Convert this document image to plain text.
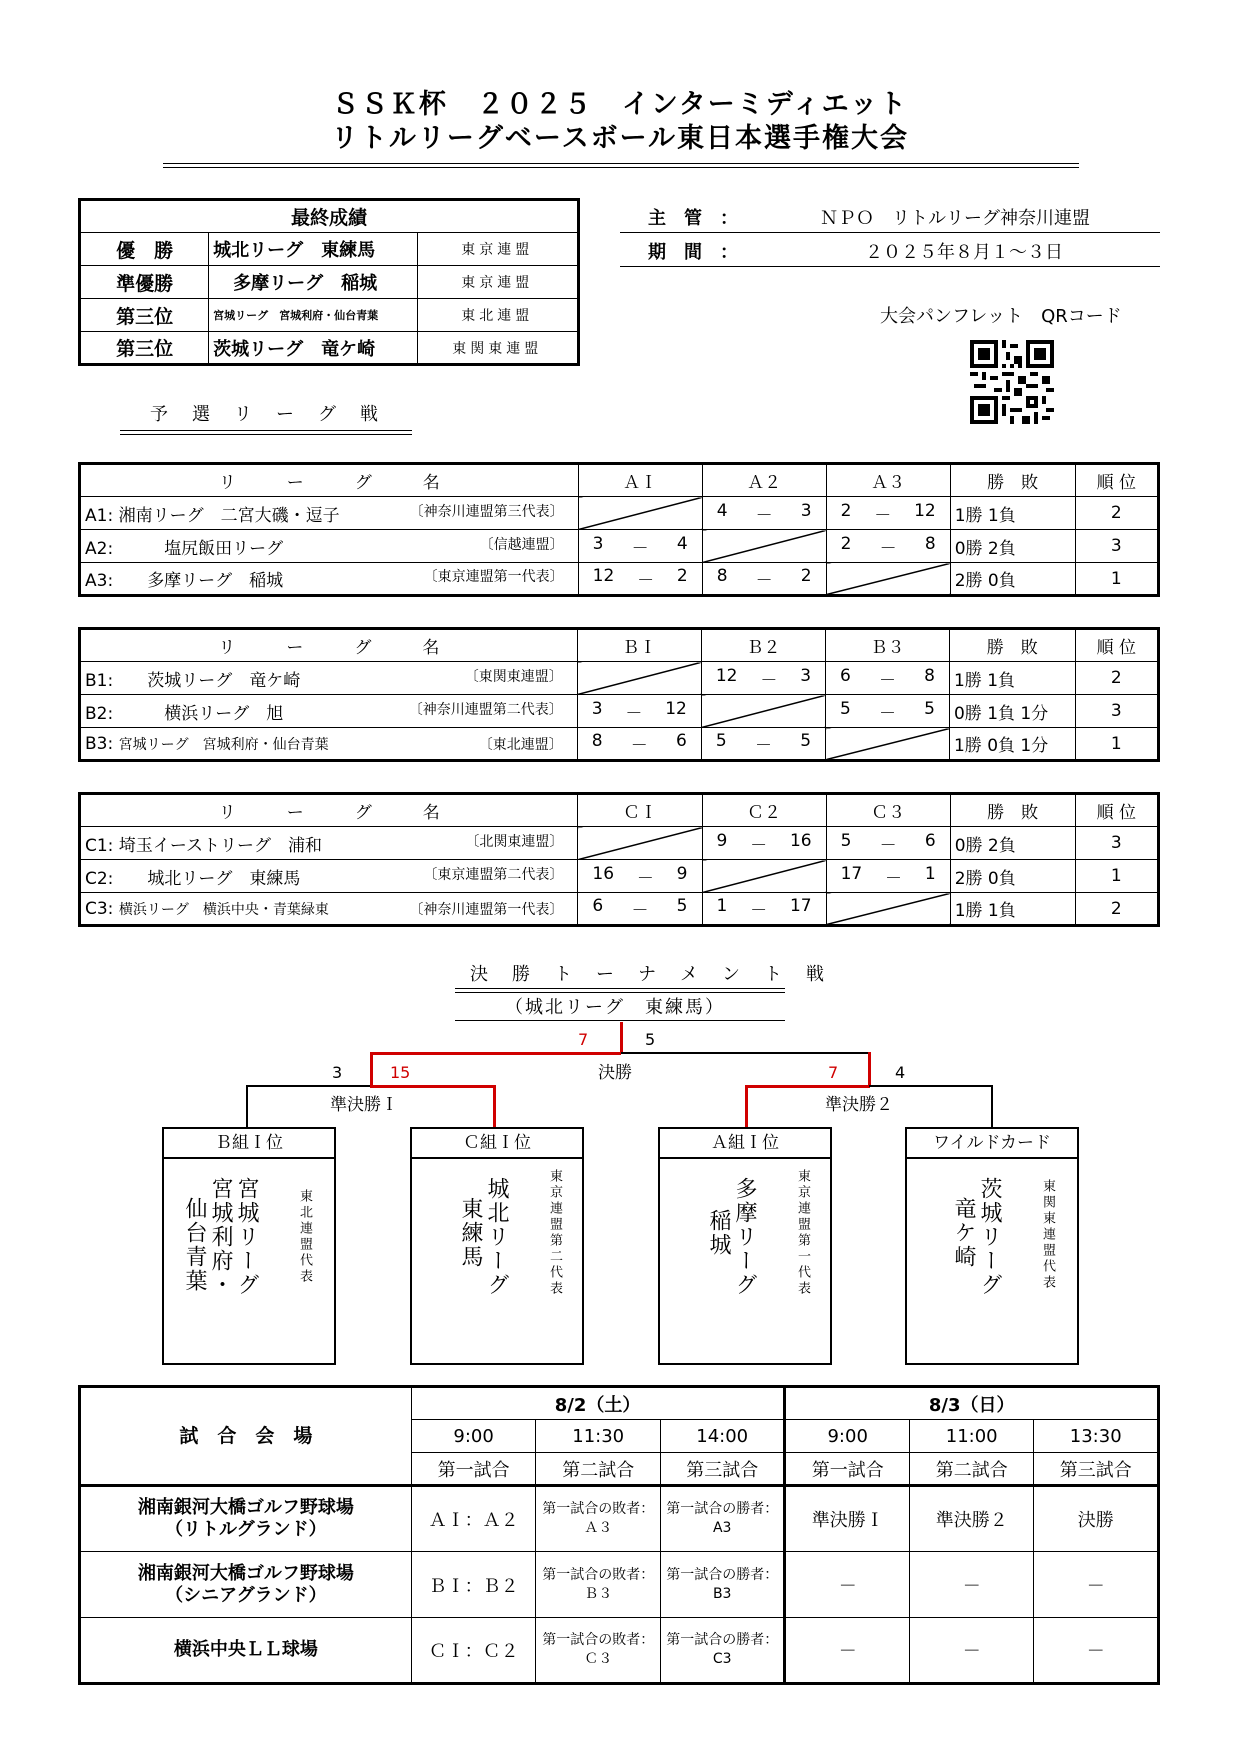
ＳＳＫ杯　２０２５　インターミディエット
リトルリーグベースボール東日本選手権大会
最終成績		
優　勝	城北リーグ　東練馬	東京連盟
準優勝	多摩リーグ　稲城	東京連盟
第三位	宮城リーグ　宮城利府・仙台青葉	東北連盟
第三位	茨城リーグ　竜ケ崎	東関東連盟
主　管　：	ＮＰＯ　リトルリーグ神奈川連盟
期　間　：	２０２５年８月１～３日
大会パンフレット　QRコード
予　選　リ　ー　グ　戦
リ　　　ー　　　グ　　　名	ＡＩ	Ａ２	Ａ３	勝　敗	順 位

A1: 湘南リーグ　二宮大磯・逗子 〔神奈川連盟第三代表〕		4 － 3	2 － 12	1勝 1負	2

A2:　　　 塩尻飯田リーグ 〔信越連盟〕	3 － 4		2 － 8	0勝 2負	3

A3:　　 多摩リーグ　稲城 〔東京連盟第一代表〕	12 － 2	8 － 2		2勝 0負	1
リ　　　ー　　　グ　　　名	ＢＩ	Ｂ２	Ｂ３	勝　敗	順 位

B1:　　 茨城リーグ　竜ケ崎 〔東関東連盟〕		12 － 3	6 － 8	1勝 1負	2

B2:　　　 横浜リーグ　旭 〔神奈川連盟第二代表〕	3 － 12		5 － 5	0勝 1負 1分	3

B3: 宮城リーグ　宮城利府・仙台青葉 〔東北連盟〕	8 － 6	5 － 5		1勝 0負 1分	1
リ　　　ー　　　グ　　　名	ＣＩ	Ｃ２	Ｃ３	勝　敗	順 位

C1: 埼玉イーストリーグ　浦和 〔北関東連盟〕		9 － 16	5 － 6	0勝 2負	3

C2:　　 城北リーグ　東練馬 〔東京連盟第二代表〕	16 － 9		17 － 1	2勝 0負	1

C3: 横浜リーグ　横浜中央・青葉緑東 〔神奈川連盟第一代表〕	6 － 5	1 － 17		1勝 1負	2
決　勝　ト　ー　ナ　メ　ン　ト　戦
（城北リーグ　東練馬）
7	5
決勝
3	15
準決勝Ｉ
7	4
準決勝２
Ｂ組Ｉ位
宮城リーグ
宮城利府・
仙台青葉	東北連盟代表
Ｃ組Ｉ位
城北リーグ
東練馬	東京連盟第二代表
Ａ組Ｉ位
多摩リーグ
稲城	東京連盟第一代表
ワイルドカード
茨城リーグ
竜ケ崎	東関東連盟代表
試　合　会　場	8/2（土）			8/3（日）		
	9:00	11:30	14:00	9:00	11:00	13:30
	第一試合	第二試合	第三試合	第一試合	第二試合	第三試合

湘南銀河大橋ゴルフ野球場
（リトルグランド）	ＡＩ：Ａ２	第一試合の敗者：Ａ３	第一試合の勝者：A3	準決勝Ｉ	準決勝２	決勝

湘南銀河大橋ゴルフ野球場
（シニアグランド）	ＢＩ：Ｂ２	第一試合の敗者：Ｂ３	第一試合の勝者：B3	－	－	－

横浜中央ＬＬ球場	ＣＩ：Ｃ２	第一試合の敗者：Ｃ３	第一試合の勝者：C3	－	－	－
